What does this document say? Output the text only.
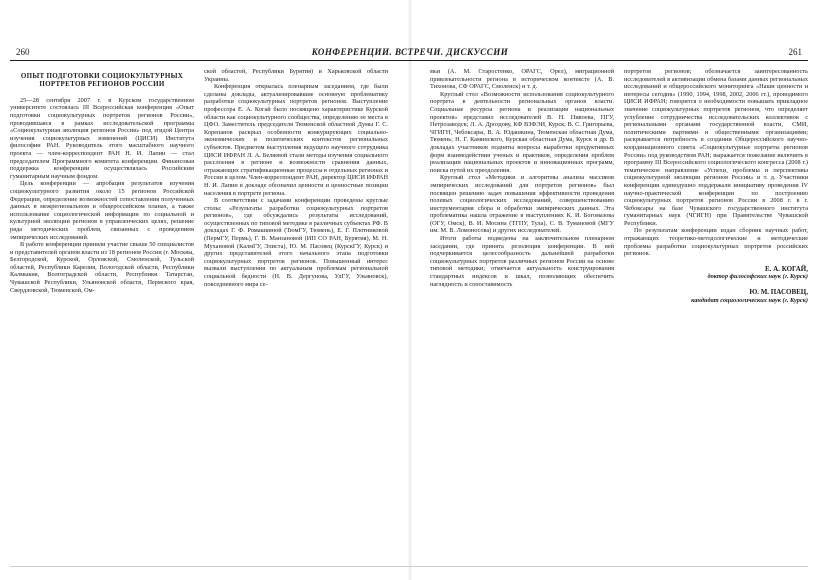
260	КОНФЕРЕНЦИИ. ВСТРЕЧИ. ДИСКУССИИ	261
ОПЫТ ПОДГОТОВКИ СОЦИОКУЛЬТУРНЫХ ПОРТРЕТОВ РЕГИОНОВ РОССИИ

25—28 сентября 2007 г. в Курском государственном университете состоялась III Всероссийская конференция «Опыт подготовки социокультурных портретов регионов России», проводившаяся в рамках исследовательской программы «Социокультурная эволюция регионов России» под эгидой Центра изучения социокультурных изменений (ЦИСИ) Института философии РАН. Руководитель этого масштабного научного проекта — член-корреспондент РАН Н. И. Лапин — стал председателем Программного комитета конференции. Финансовая поддержка конференции осуществлялась Российским гуманитарным научным фондом.

Цель конференции — апробация результатов изучения социокультурного развития около 15 регионов Российской Федерации, определение возможностей сопоставления полученных данных в межрегиональном и общероссийском планах, а также использование социологической информации по социальной и культурной эволюции регионов в управленческих целях, решение ряда методических проблем, связанных с проведением эмпирических исследований.

В работе конференции приняли участие свыше 50 специалистов и представителей органов власти из 18 регионов России (г. Москвы, Белгородской, Курской, Орловской, Смоленской, Тульской областей, Республики Карелия, Вологодской области, Республики Калмыкия, Волгоградской области, Республики Татарстан, Чувашской Республики, Ульяновской области, Пермского края, Свердловской, Тюменской, Ом-

ской областей, Республики Бурятия) и Харьковской области Украины.

Конференция открылась пленарным заседанием, где были сделаны доклады, актуализировавшие основную проблематику разработки социокультурных портретов регионов. Выступление профессора Е. А. Когай было посвящено характеристике Курской области как социокультурного сообщества, определению ее места в ЦФО. Заместитель председателя Тюменской областной Думы Г. С. Корепанов раскрыл особенности конкурирующих социально-экономических и политических контекстов региональных субъектов. Предметом выступления ведущего научного сотрудника ЦИСИ ИФРАН Л. А. Беляевой стали методы изучения социального расслоения в регионе и возможности сравнения данных, отражающих стратификационные процессы в отдельных регионах и России в целом. Член-корреспондент РАН, директор ЦИСИ ИФРАН Н. И. Лапин в докладе обозначил ценности и ценностные позиции населения в портрете региона.

В соответствии с задачами конференции проведены круглые столы: «Результаты разработки социокультурных портретов регионов», где обсуждались результаты исследований, осуществленных по типовой методике в различных субъектах РФ. В докладах Г. Ф. Ромашкиной (ТюмГУ, Тюмень), Е. Г. Плотниковой (ПермГУ, Пермь), Г. В. Манзановой (ИП СО РАН, Бурятия), М. Н. Мухановой (КалмГУ, Элиста), Ю. М. Пасовец (КурскГУ, Курск) и других представителей этого начального этапа подготовки социокультурных портретов регионов. Повышенный интерес вызвали выступления по актуальным проблемам региональной социальной бедности (Н. В. Дергунова, УлГУ, Ульяновск), повседневного мира се-

мьи (А. М. Старостенко, ОРАГС, Орел), миграционной привлекательности региона в историческом контексте (А. В. Тихонова, СФ ОРАГС, Смоленск) и т. д.

Круглый стол «Возможности использования социокультурного портрета в деятельности региональных органов власти. Социальные ресурсы региона и реализация национальных проектов» представил исследователей В. Н. Пивоева, ПГУ, Петрозаводск; Л. А. Дроздову, КФ ВЗФЭИ, Курск; В. С. Григорьева, ЧГИГН, Чебоксары, В. А. Юдашкина, Тюменская областная Дума, Тюмень; Н. Г. Каминского, Курская областная Дума, Курск и др. В докладах участников подняты вопросы выработки продуктивных форм взаимодействия ученых и практиков, определения проблем реализации национальных проектов и инновационных программ, поиска путей их преодоления.

Круглый стол «Методики и алгоритмы анализа массивов эмпирических исследований для портретов регионов» был посвящен решению задач повышения эффективности проведения полевых социологических исследований, совершенствованию инструментария сбора и обработки эмпирических данных. Эта проблематика нашла отражение в выступлениях К. И. Богомазова (ОГУ, Омск), В. И. Мосина (ТГПУ, Тула), С. В. Тумановой (МГУ им. М. В. Ломоносова) и других исследователей.

Итоги работы подведены на заключительном пленарном заседании, где принята резолюция конференции. В ней подчеркивается целесообразность дальнейшей разработки социокультурных портретов различных регионов России на основе типовой методики; отмечается актуальность конструирования стандартных индексов и шкал, позволяющих обеспечить наглядность и сопоставимость

портретов регионов; обозначается заинтересованность исследователей в активизации обмена базами данных региональных исследований и общероссийского мониторинга «Наши ценности и интересы сегодня» (1990, 1994, 1998, 2002, 2006 гг.), проводимого ЦИСИ ИФРАН; говорится о необходимости повышать прикладное значение социокультурных портретов регионов, что определяет углубление сотрудничества исследовательских коллективов с региональными органами государственной власти, СМИ, политическими партиями и общественными организациями; раскрывается потребность в создании Общероссийского научно-координационного совета «Социокультурные портреты регионов России» под руководством РАН; выражается пожелание включить в программу III Всероссийского социологического конгресса (2008 г.) тематическое направление «Успехи, проблемы и перспективы социокультурной эволюции регионов России» и т. д. Участники конференции единодушно поддержали инициативу проведения IV научно-практической конференции по построению социокультурных портретов регионов России в 2008 г. в г. Чебоксары на базе Чувашского государственного института гуманитарных наук (ЧГИГН) при Правительстве Чувашской Республики.

По результатам конференции издан сборник научных работ, отражающих теоретико-методологические и методические проблемы разработки социокультурных портретов российских регионов.

Е. А. КОГАЙ,
доктор философских наук (г. Курск)
Ю. М. ПАСОВЕЦ,
кандидат социологических наук (г. Курск)
